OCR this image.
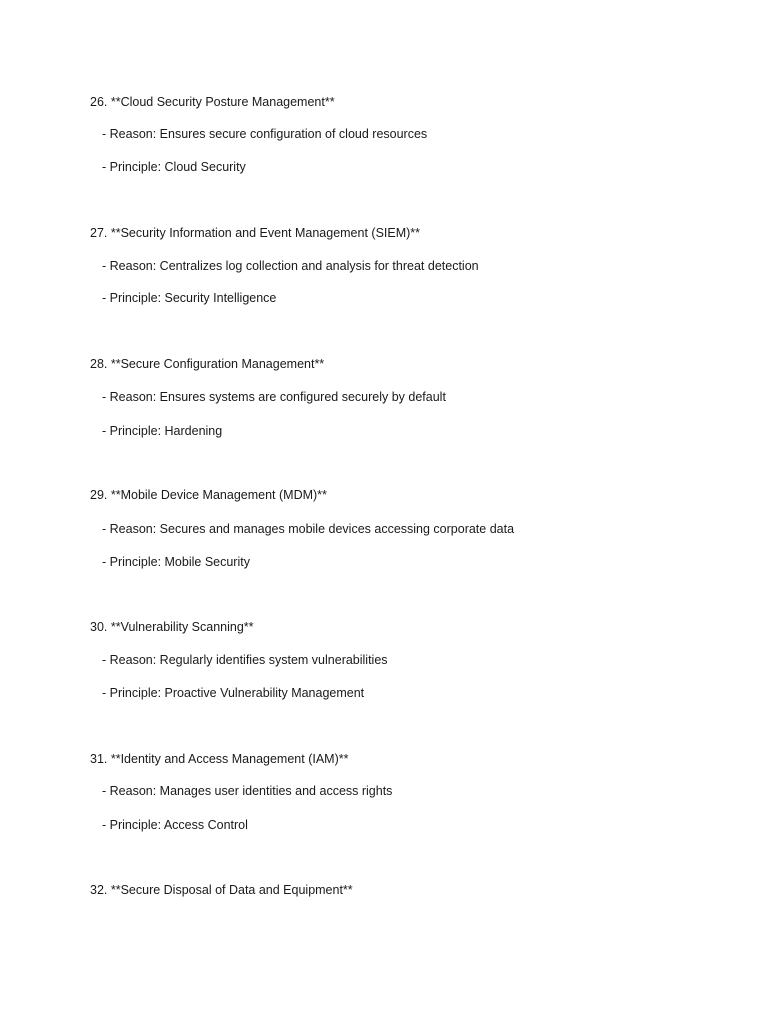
26. **Cloud Security Posture Management**
- Reason: Ensures secure configuration of cloud resources
- Principle: Cloud Security
27. **Security Information and Event Management (SIEM)**
- Reason: Centralizes log collection and analysis for threat detection
- Principle: Security Intelligence
28. **Secure Configuration Management**
- Reason: Ensures systems are configured securely by default
- Principle: Hardening
29. **Mobile Device Management (MDM)**
- Reason: Secures and manages mobile devices accessing corporate data
- Principle: Mobile Security
30. **Vulnerability Scanning**
- Reason: Regularly identifies system vulnerabilities
- Principle: Proactive Vulnerability Management
31. **Identity and Access Management (IAM)**
- Reason: Manages user identities and access rights
- Principle: Access Control
32. **Secure Disposal of Data and Equipment**
